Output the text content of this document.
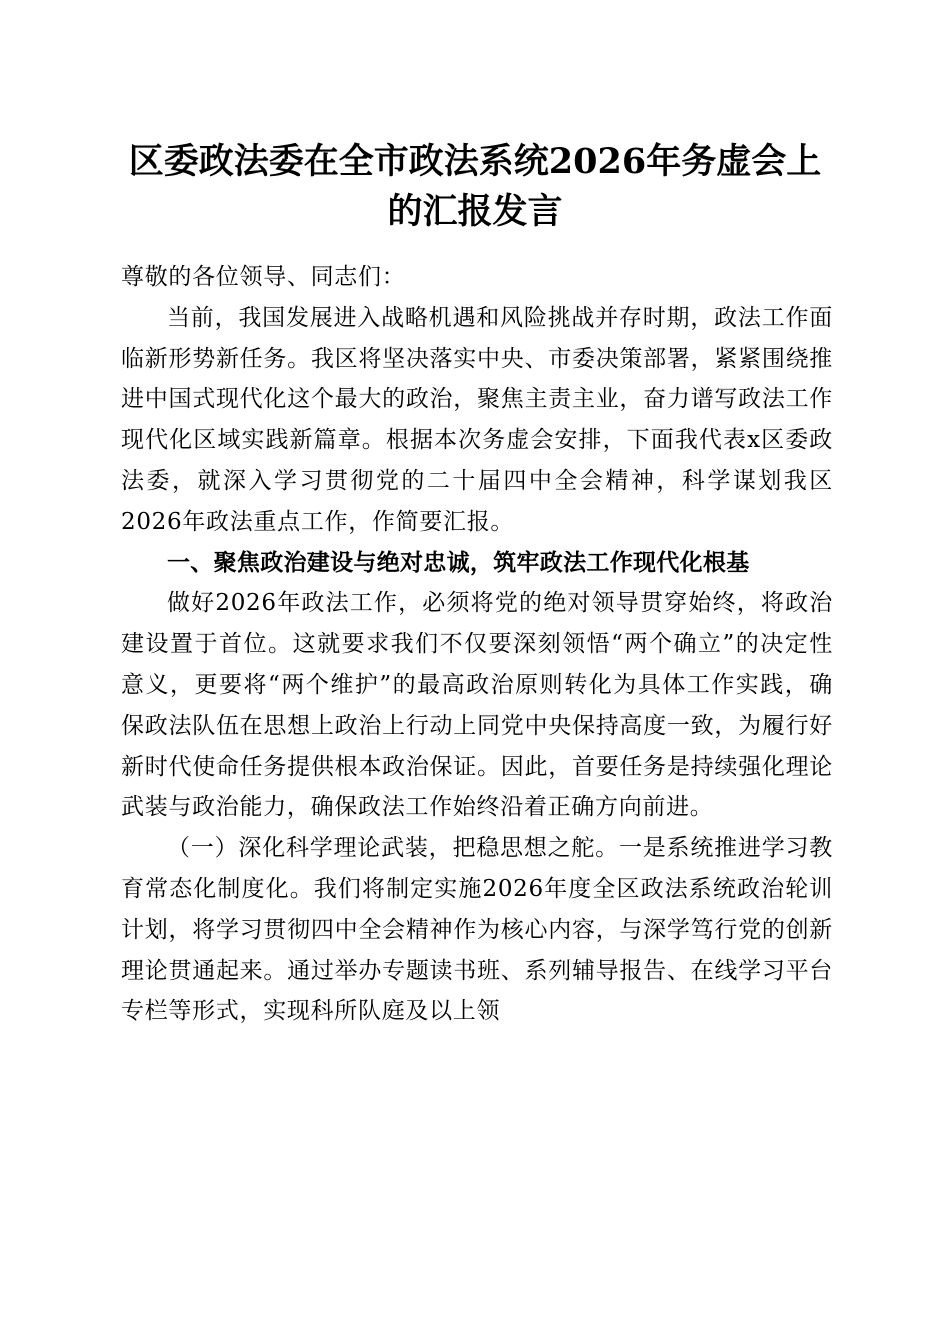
区委政法委在全市政法系统2026年务虚会上
的汇报发言

尊敬的各位领导、同志们：

当前，我国发展进入战略机遇和风险挑战并存时期，政法工作面临新形势新任务。我区将坚决落实中央、市委决策部署，紧紧围绕推进中国式现代化这个最大的政治，聚焦主责主业，奋力谱写政法工作现代化区域实践新篇章。根据本次务虚会安排，下面我代表x区委政法委，就深入学习贯彻党的二十届四中全会精神，科学谋划我区2026年政法重点工作，作简要汇报。

一、聚焦政治建设与绝对忠诚，筑牢政法工作现代化根基

做好2026年政法工作，必须将党的绝对领导贯穿始终，将政治建设置于首位。这就要求我们不仅要深刻领悟“两个确立”的决定性意义，更要将“两个维护”的最高政治原则转化为具体工作实践，确保政法队伍在思想上政治上行动上同党中央保持高度一致，为履行好新时代使命任务提供根本政治保证。因此，首要任务是持续强化理论武装与政治能力，确保政法工作始终沿着正确方向前进。

（一）深化科学理论武装，把稳思想之舵。一是系统推进学习教育常态化制度化。我们将制定实施2026年度全区政法系统政治轮训计划，将学习贯彻四中全会精神作为核心内容，与深学笃行党的创新理论贯通起来。通过举办专题读书班、系列辅导报告、在线学习平台专栏等形式，实现科所队庭及以上领
